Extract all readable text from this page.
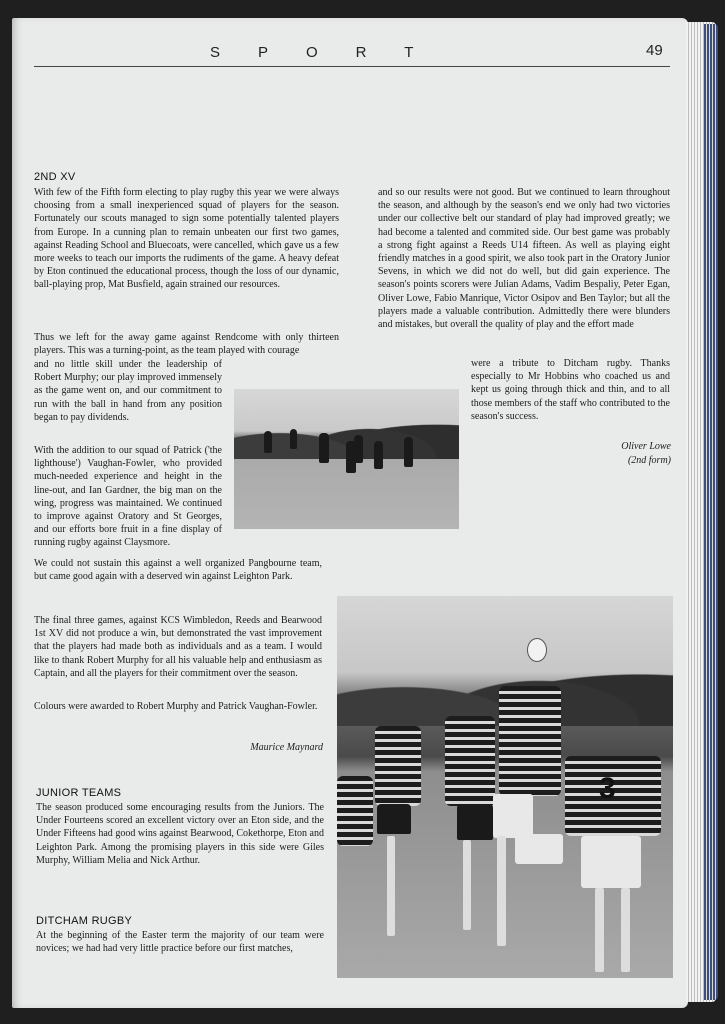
SPORT	49
2ND XV

With few of the Fifth form electing to play rugby this year we were always choosing from a small inexperienced squad of players for the season. Fortunately our scouts managed to sign some potentially talented players from Europe. In a cunning plan to remain unbeaten our first two games, against Reading School and Bluecoats, were cancelled, which gave us a few more weeks to teach our imports the rudiments of the game. A heavy defeat by Eton continued the educational process, though the loss of our dynamic, ball-playing prop, Mat Busfield, again strained our resources.

Thus we left for the away game against Rendcome with only thirteen players. This was a turning-point, as the team played with courage

and no little skill under the leadership of Robert Murphy; our play improved immensely as the game went on, and our commitment to run with the ball in hand from any position began to pay dividends.

With the addition to our squad of Patrick ('the lighthouse') Vaughan-Fowler, who provided much-needed experience and height in the line-out, and Ian Gardner, the big man on the wing, progress was maintained. We continued to improve against Oratory and St Georges, and our efforts bore fruit in a fine display of running rugby against Claysmore.

We could not sustain this against a well organized Pangbourne team, but came good again with a deserved win against Leighton Park.

The final three games, against KCS Wimbledon, Reeds and Bearwood 1st XV did not produce a win, but demonstrated the vast improvement that the players had made both as individuals and as a team. I would like to thank Robert Murphy for all his valuable help and enthusiasm as Captain, and all the players for their commitment over the season.

Colours were awarded to Robert Murphy and Patrick Vaughan-Fowler.

Maurice Maynard

and so our results were not good. But we continued to learn throughout the season, and although by the season's end we only had two victories under our collective belt our standard of play had improved greatly; we had become a talented and commited side. Our best game was probably a strong fight against a Reeds U14 fifteen. As well as playing eight friendly matches in a good spirit, we also took part in the Oratory Junior Sevens, in which we did not do well, but did gain experience. The season's points scorers were Julian Adams, Vadim Bespaliy, Peter Egan, Oliver Lowe, Fabio Manrique, Victor Osipov and Ben Taylor; but all the players made a valuable contribution. Admittedly there were blunders and mistakes, but overall the quality of play and the effort made

were a tribute to Ditcham rugby. Thanks especially to Mr Hobbins who coached us and kept us going through thick and thin, and to all those members of the staff who contributed to the season's success.

Oliver Lowe
(2nd form)
JUNIOR TEAMS

The season produced some encouraging results from the Juniors. The Under Fourteens scored an excellent victory over an Eton side, and the Under Fifteens had good wins against Bearwood, Cokethorpe, Eton and Leighton Park. Among the promising players in this side were Giles Murphy, William Melia and Nick Arthur.

DITCHAM RUGBY

At the beginning of the Easter term the majority of our team were novices; we had had very little practice before our first matches,

3
